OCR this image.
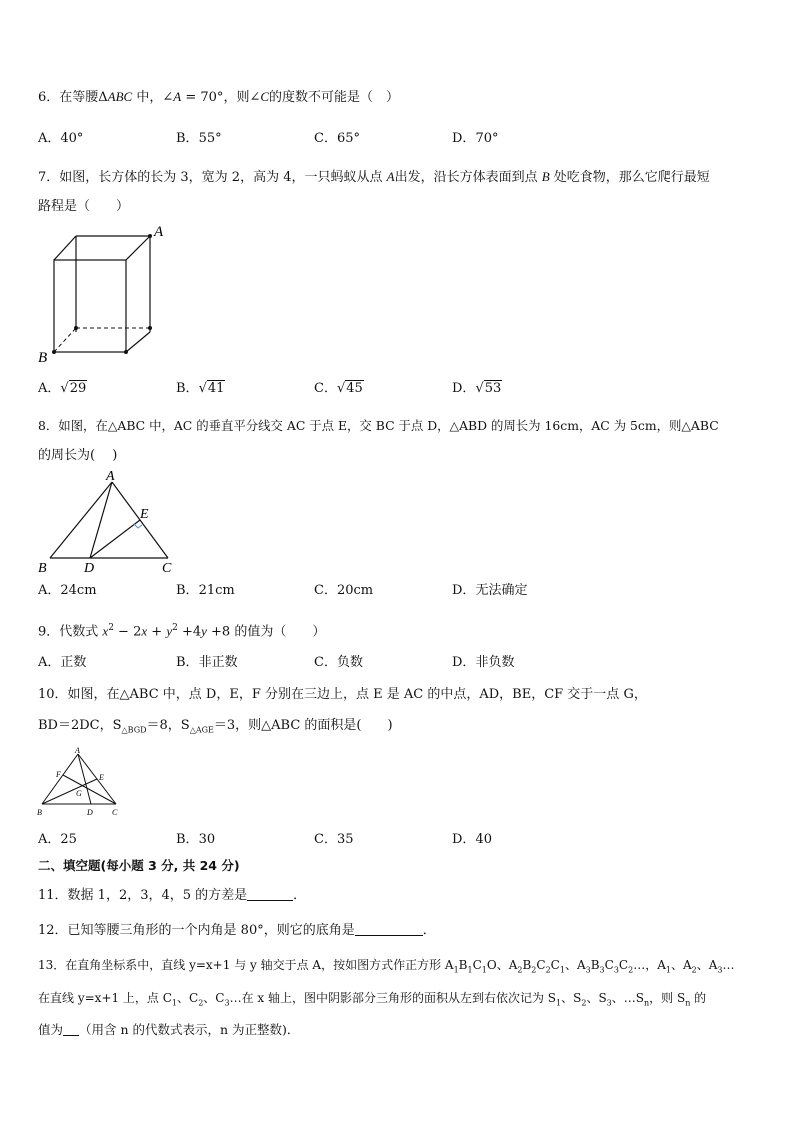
6．在等腰ΔABC 中，∠A = 70°，则∠C的度数不可能是（　）
A．40°	B．55°	C．65°	D．70°
7．如图，长方体的长为 3，宽为 2，高为 4，一只蚂蚁从点 A出发，沿长方体表面到点 B 处吃食物，那么它爬行最短
路程是（　　）
A
B
A．√29	B．√41	C．√45	D．√53
8．如图，在△ABC 中，AC 的垂直平分线交 AC 于点 E，交 BC 于点 D，△ABD 的周长为 16cm，AC 为 5cm，则△ABC
的周长为(　 )
A
B	C
D
E
A．24cm	B．21cm	C．20cm	D．无法确定
9．代数式 $x^2 - 2x + y^2 +4y +8$ 的值为（　　）
A．正数	B．非正数	C．负数	D．非负数
10．如图，在△ABC 中，点 D，E，F 分别在三边上，点 E 是 AC 的中点，AD，BE，CF 交于一点 G，
BD＝2DC，$S_{\triangle BGD}=8$，$S_{\triangle AGE}=3$，则△ABC 的面积是(　　)
A
B	C
D
E
F
G
A．25	B．30	C．35	D．40
二、填空题(每小题 3 分, 共 24 分)
11．数据 1，2，3，4，5 的方差是	．
12．已知等腰三角形的一个内角是 80°，则它的底角是	．
13．在直角坐标系中，直线 y=x+1 与 y 轴交于点 A，按如图方式作正方形 $A_1B_1C_1O$、$A_2B_2C_2C_1$、$A_3B_3C_3C_2\dots$，$A_1$、$A_2$、$A_3\dots$
在直线 y=x+1 上，点 $C_1$、$C_2$、$C_3\dots$在 x 轴上，图中阴影部分三角形的面积从左到右依次记为 $S_1$、$S_2$、$S_3$、$\dots S_n$，则 $S_n$ 的
值为 （用含 n 的代数式表示，n 为正整数)．
